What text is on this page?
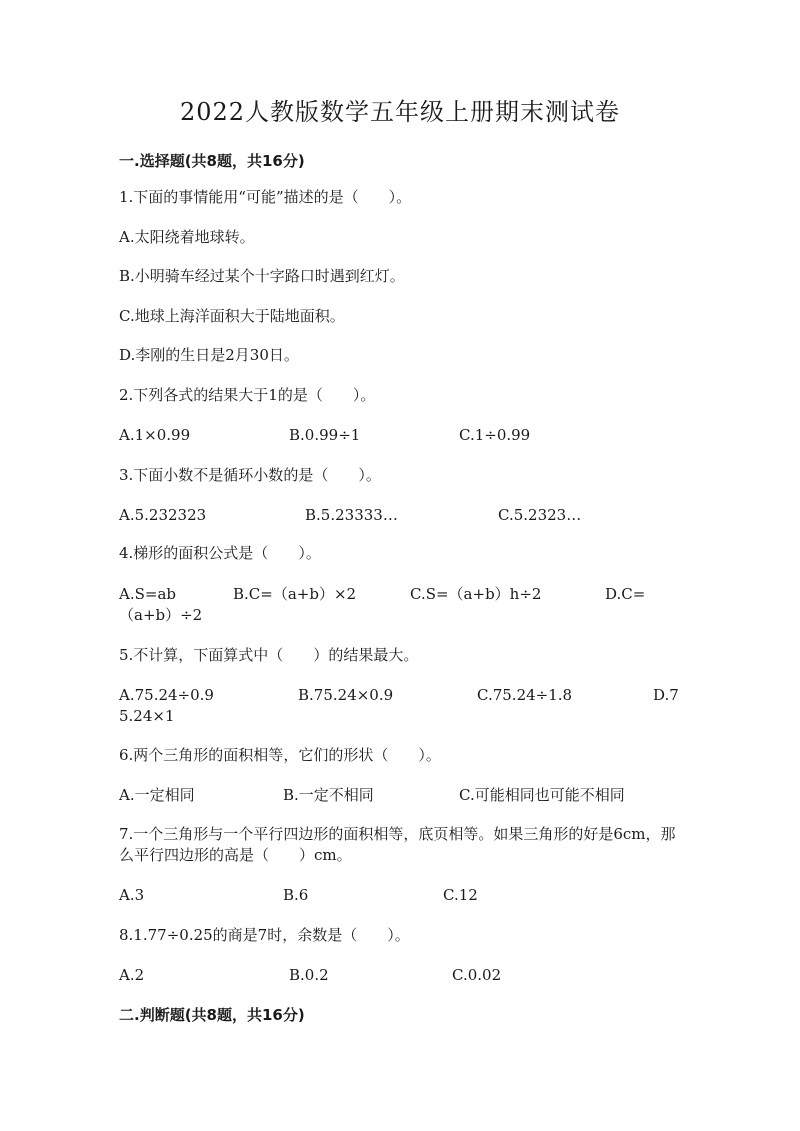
2022人教版数学五年级上册期末测试卷
一.选择题(共8题，共16分)
1.下面的事情能用“可能”描述的是（　　）。
A.太阳绕着地球转。
B.小明骑车经过某个十字路口时遇到红灯。
C.地球上海洋面积大于陆地面积。
D.李刚的生日是2月30日。
2.下列各式的结果大于1的是（　　）。
A.1×0.99	B.0.99÷1	C.1÷0.99
3.下面小数不是循环小数的是（　　）。
A.5.232323	B.5.23333…	C.5.2323…
4.梯形的面积公式是（　　）。
A.S=ab	B.C=（a+b）×2	C.S=（a+b）h÷2	D.C=
（a+b）÷2
5.不计算，下面算式中（　　）的结果最大。
A.75.24÷0.9	B.75.24×0.9	C.75.24÷1.8	D.7
5.24×1
6.两个三角形的面积相等，它们的形状（　　）。
A.一定相同	B.一定不相同	C.可能相同也可能不相同
7.一个三角形与一个平行四边形的面积相等，底页相等。如果三角形的好是6cm，那么平行四边形的高是（　　）cm。
A.3	B.6	C.12
8.1.77÷0.25的商是7时，余数是（　　）。
A.2	B.0.2	C.0.02
二.判断题(共8题，共16分)
